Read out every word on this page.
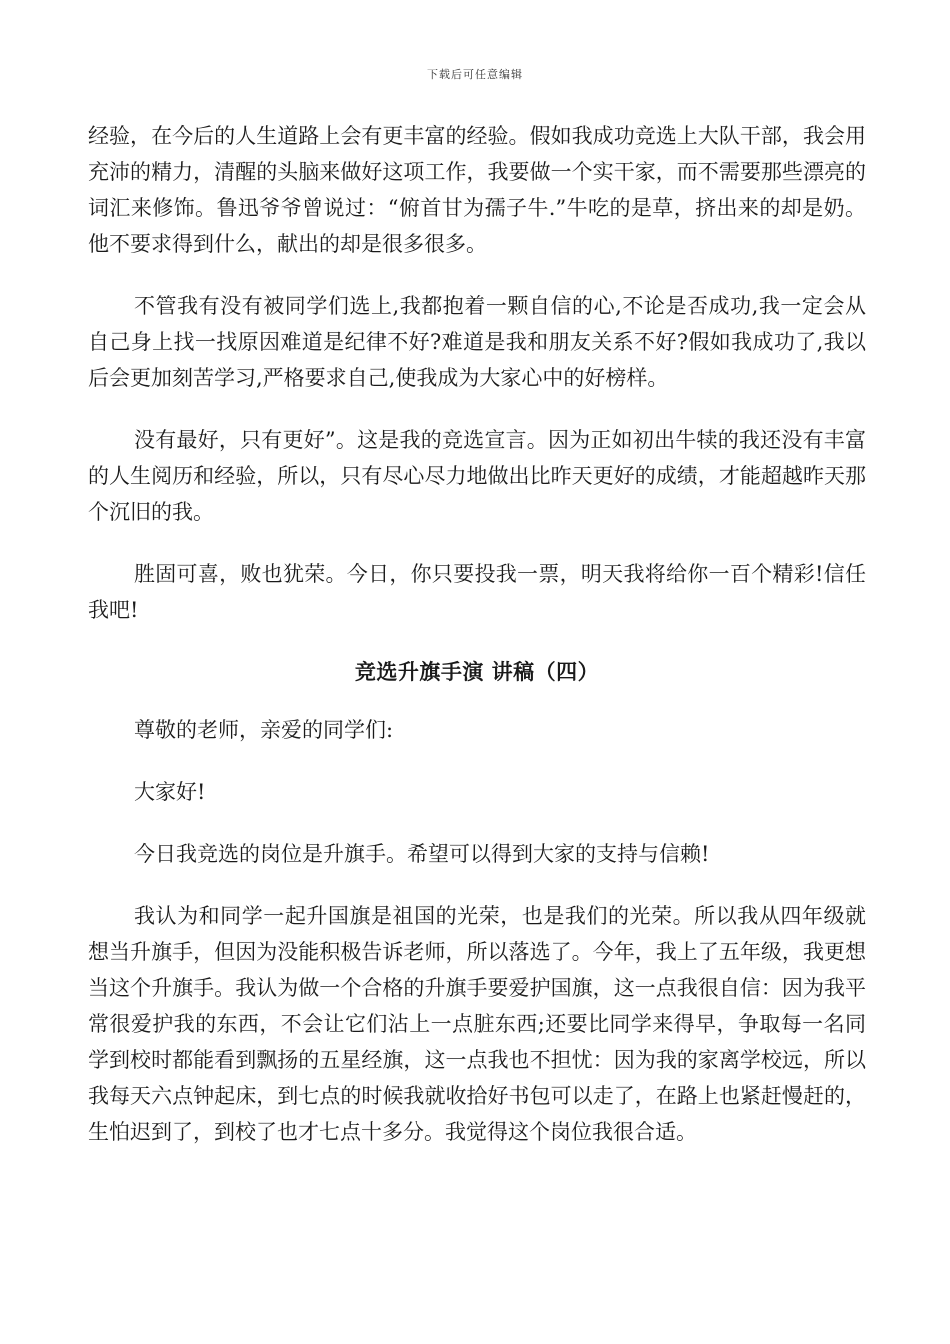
下载后可任意编辑

经验，在今后的人生道路上会有更丰富的经验。假如我成功竞选上大队干部，我会用充沛的精力，清醒的头脑来做好这项工作，我要做一个实干家，而不需要那些漂亮的词汇来修饰。鲁迅爷爷曾说过：“俯首甘为孺子牛.”牛吃的是草，挤出来的却是奶。他不要求得到什么，献出的却是很多很多。

不管我有没有被同学们选上,我都抱着一颗自信的心,不论是否成功,我一定会从自己身上找一找原因难道是纪律不好?难道是我和朋友关系不好?假如我成功了,我以后会更加刻苦学习,严格要求自己,使我成为大家心中的好榜样。

没有最好，只有更好”。这是我的竞选宣言。因为正如初出牛犊的我还没有丰富的人生阅历和经验，所以，只有尽心尽力地做出比昨天更好的成绩，才能超越昨天那个沉旧的我。

胜固可喜，败也犹荣。今日，你只要投我一票，明天我将给你一百个精彩!信任我吧!

竞选升旗手演 讲稿（四）

尊敬的老师，亲爱的同学们:

大家好!

今日我竞选的岗位是升旗手。希望可以得到大家的支持与信赖!

我认为和同学一起升国旗是祖国的光荣，也是我们的光荣。所以我从四年级就想当升旗手，但因为没能积极告诉老师，所以落选了。今年，我上了五年级，我更想当这个升旗手。我认为做一个合格的升旗手要爱护国旗，这一点我很自信：因为我平常很爱护我的东西，不会让它们沾上一点脏东西;还要比同学来得早，争取每一名同学到校时都能看到飘扬的五星经旗，这一点我也不担忧：因为我的家离学校远，所以我每天六点钟起床，到七点的时候我就收拾好书包可以走了，在路上也紧赶慢赶的，生怕迟到了，到校了也才七点十多分。我觉得这个岗位我很合适。
